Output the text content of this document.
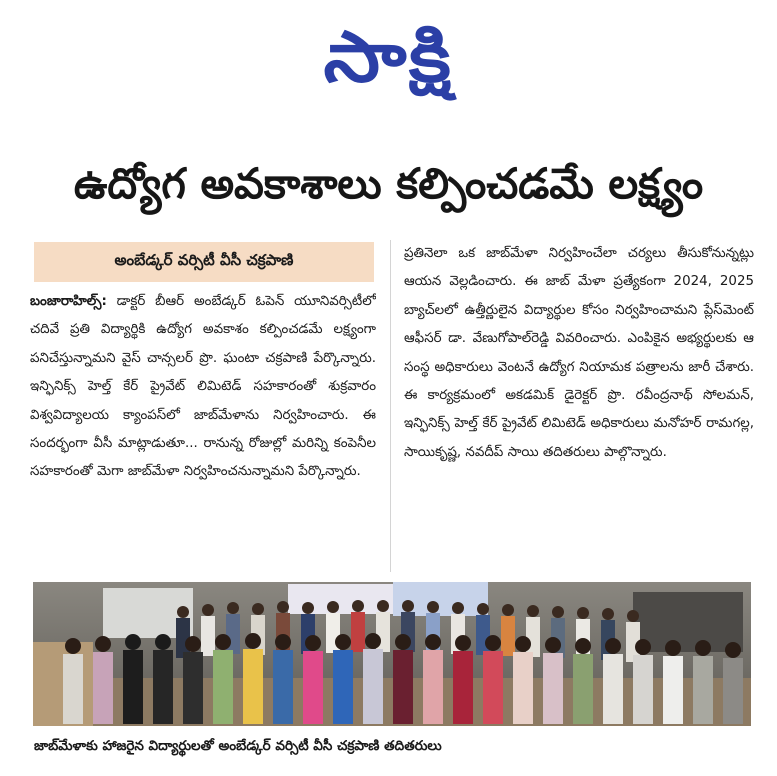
సాక్షి
ఉద్యోగ అవకాశాలు కల్పించడమే లక్ష్యం
అంబేడ్కర్ వర్సిటీ వీసీ చక్రపాణి

బంజారాహిల్స్: డాక్టర్ బీఆర్ అంబేడ్కర్ ఓపెన్ యూనివర్సిటీలో చదివే ప్రతి విద్యార్థికి ఉద్యోగ అవకాశం కల్పించడమే లక్ష్యంగా పనిచేస్తున్నామని వైస్ చాన్సలర్ ప్రొ. ఘంటా చక్రపాణి పేర్కొన్నారు. ఇన్ఫినిక్స్ హెల్త్ కేర్ ప్రైవేట్ లిమిటెడ్ సహకారంతో శుక్రవారం విశ్వవిద్యాలయ క్యాంపస్‌లో జాబ్‌మేళాను నిర్వహించారు. ఈ సందర్భంగా వీసీ మాట్లాడుతూ... రానున్న రోజుల్లో మరిన్ని కంపెనీల సహకారంతో మెగా జాబ్‌మేళా నిర్వహించనున్నామని పేర్కొన్నారు.

ప్రతినెలా ఒక జాబ్‌మేళా నిర్వహించేలా చర్యలు తీసుకోనున్నట్లు ఆయన వెల్లడించారు. ఈ జాబ్ మేళా ప్రత్యేకంగా 2024, 2025 బ్యాచ్‌లలో ఉత్తీర్ణులైన విద్యార్థుల కోసం నిర్వహించామని ప్లేస్‌మెంట్ ఆఫీసర్ డా. వేణుగోపాల్‌రెడ్డి వివరించారు. ఎంపికైన అభ్యర్థులకు ఆ సంస్థ అధికారులు వెంటనే ఉద్యోగ నియామక పత్రాలను జారీ చేశారు. ఈ కార్యక్రమంలో అకడమిక్ డైరెక్టర్ ప్రొ. రవీంద్రనాథ్ సోలమన్, ఇన్ఫినిక్స్ హెల్త్ కేర్ ప్రైవేట్ లిమిటెడ్ అధికారులు మనోహర్ రామగల్ల, సాయికృష్ణ, నవదీప్ సాయి తదితరులు పాల్గొన్నారు.

జాబ్‌మేళాకు హాజరైన విద్యార్థులతో అంబేడ్కర్ వర్సిటీ వీసీ చక్రపాణి తదితరులు
